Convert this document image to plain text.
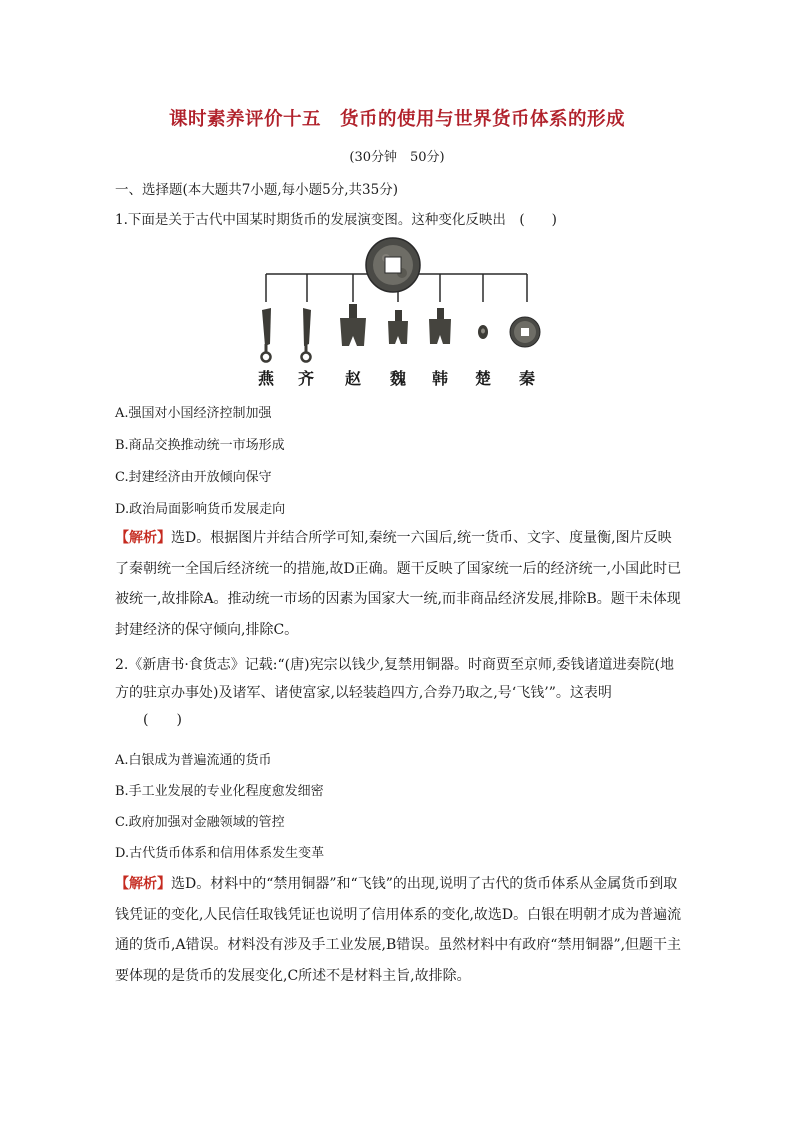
课时素养评价十五　货币的使用与世界货币体系的形成
(30分钟　50分)
一、选择题(本大题共7小题,每小题5分,共35分)
1.下面是关于古代中国某时期货币的发展演变图。这种变化反映出　(　　)
燕 齐 赵 魏 韩 楚 秦
A.强国对小国经济控制加强
B.商品交换推动统一市场形成
C.封建经济由开放倾向保守
D.政治局面影响货币发展走向
【解析】选D。根据图片并结合所学可知,秦统一六国后,统一货币、文字、度量衡,图片反映了秦朝统一全国后经济统一的措施,故D正确。题干反映了国家统一后的经济统一,小国此时已被统一,故排除A。推动统一市场的因素为国家大一统,而非商品经济发展,排除B。题干未体现封建经济的保守倾向,排除C。
2.《新唐书·食货志》记载:“(唐)宪宗以钱少,复禁用铜器。时商贾至京师,委钱诸道进奏院(地方的驻京办事处)及诸军、诸使富家,以轻装趋四方,合券乃取之,号‘飞钱’”。这表明
(　　)
A.白银成为普遍流通的货币
B.手工业发展的专业化程度愈发细密
C.政府加强对金融领域的管控
D.古代货币体系和信用体系发生变革
【解析】选D。材料中的“禁用铜器”和“飞钱”的出现,说明了古代的货币体系从金属货币到取钱凭证的变化,人民信任取钱凭证也说明了信用体系的变化,故选D。白银在明朝才成为普遍流通的货币,A错误。材料没有涉及手工业发展,B错误。虽然材料中有政府“禁用铜器”,但题干主要体现的是货币的发展变化,C所述不是材料主旨,故排除。
